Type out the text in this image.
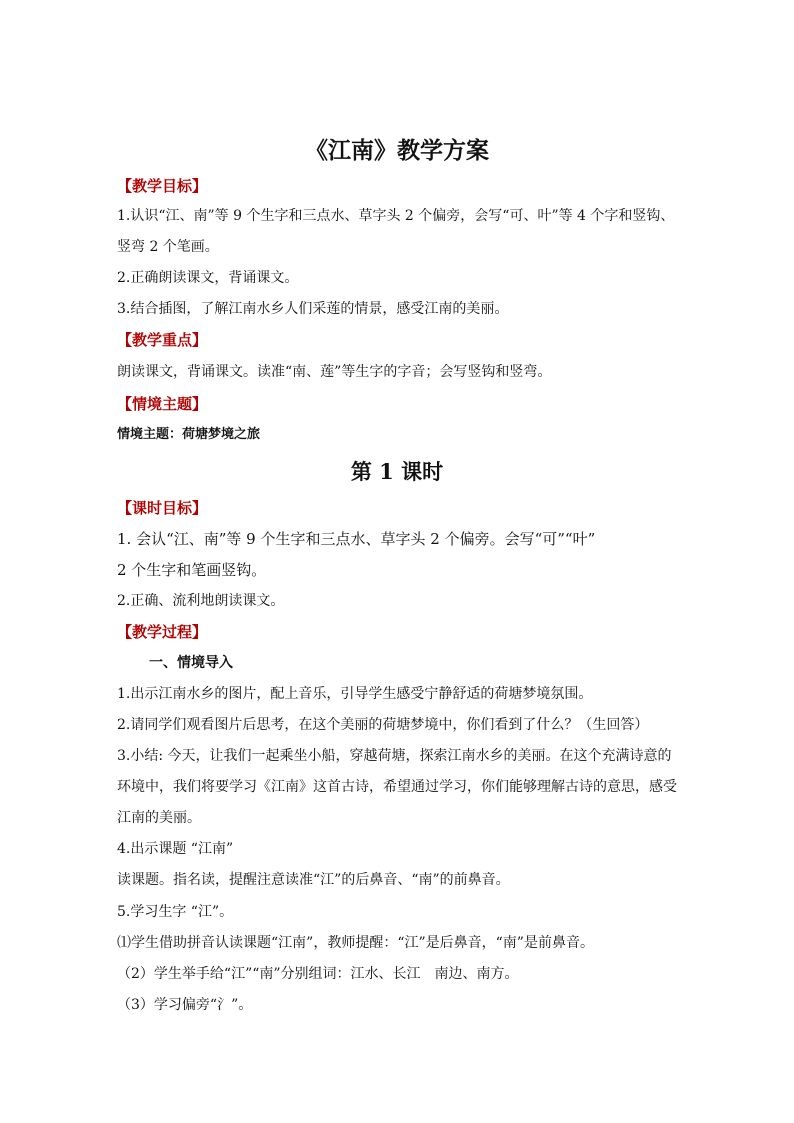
《江南》教学方案
【教学目标】
1.认识“江、南”等 9 个生字和三点水、草字头 2 个偏旁，会写“可、叶”等 4 个字和竖钩、
竖弯 2 个笔画。
2.正确朗读课文，背诵课文。
3.结合插图，了解江南水乡人们采莲的情景，感受江南的美丽。
【教学重点】
朗读课文，背诵课文。读准“南、莲”等生字的字音；会写竖钩和竖弯。
【情境主题】
情境主题：荷塘梦境之旅
第 1 课时
【课时目标】
1. 会认“江、南”等 9 个生字和三点水、草字头 2 个偏旁。会写“可”“叶”
2 个生字和笔画竖钩。
2.正确、流利地朗读课文。
【教学过程】
一、情境导入
1.出示江南水乡的图片，配上音乐，引导学生感受宁静舒适的荷塘梦境氛围。
2.请同学们观看图片后思考，在这个美丽的荷塘梦境中，你们看到了什么？（生回答）
3.小结: 今天，让我们一起乘坐小船，穿越荷塘，探索江南水乡的美丽。在这个充满诗意的
环境中，我们将要学习《江南》这首古诗，希望通过学习，你们能够理解古诗的意思，感受
江南的美丽。
4.出示课题 “江南”
读课题。指名读，提醒注意读准“江”的后鼻音、“南”的前鼻音。
5.学习生字 “江”。
⑴学生借助拼音认读课题“江南”，教师提醒：“江”是后鼻音，“南”是前鼻音。
（2）学生举手给“江”“南”分别组词：江水、长江　南边、南方。
（3）学习偏旁“氵”。
